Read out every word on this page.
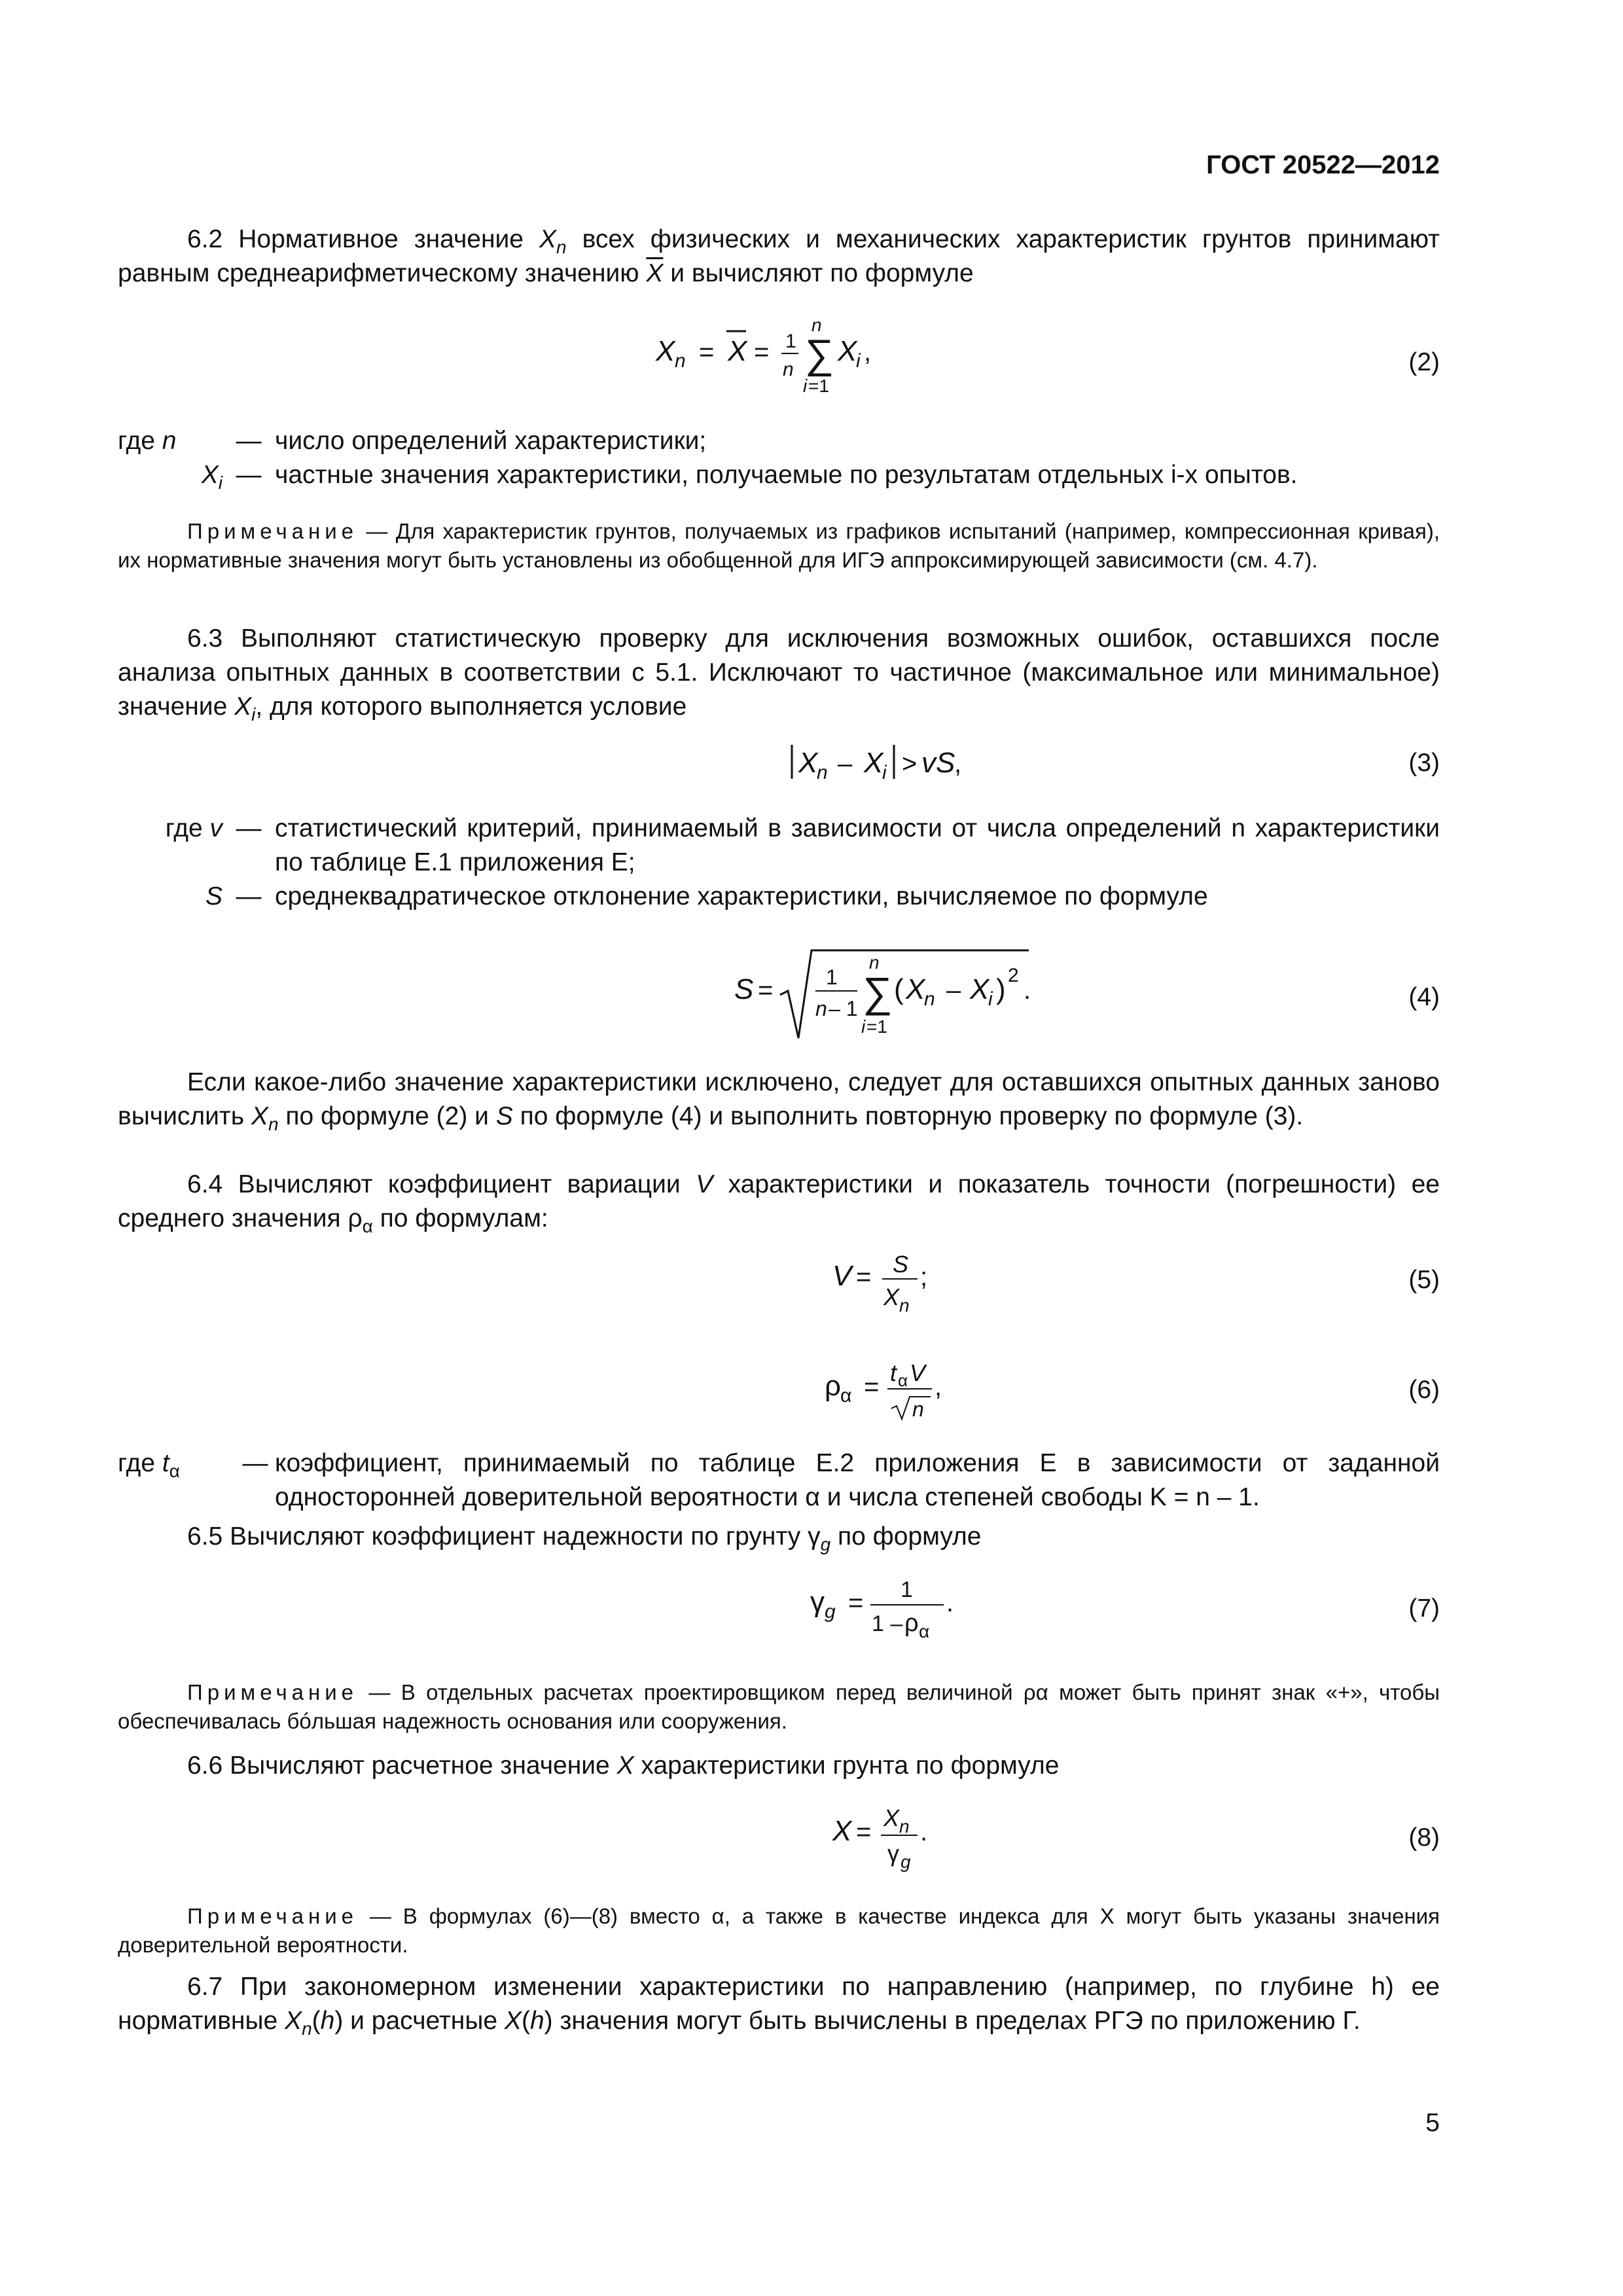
ГОСТ 20522—2012
6.2 Нормативное значение $X_n$ всех физических и механических характеристик грунтов принимают равным среднеарифметическому значению $\overline{X}$ и вычисляют по формуле
X n = X = 1
n ∑
n
i =1
X
i ,	(2)
где n	— число определений характеристики;
$X_i$ — частные значения характеристики, получаемые по результатам отдельных i-х опытов.
Примечание — Для характеристик грунтов, получаемых из графиков испытаний (например, компрессионная кривая), их нормативные значения могут быть установлены из обобщенной для ИГЭ аппроксимирующей зависимости (см. 4.7).
6.3 Выполняют статистическую проверку для исключения возможных ошибок, оставшихся после анализа опытных данных в соответствии с 5.1. Исключают то частичное (максимальное или минимальное) значение $X_i$, для которого выполняется условие
X
n – X
i > vS
,	(3)
где v — статистический критерий, принимаемый в зависимости от числа определений n характеристики по таблице Е.1 приложения Е;
S — среднеквадратическое отклонение характеристики, вычисляемое по формуле
S =	1
n – 1 ∑
n
i =1
( X
n – X
i ) 2
.	(4)
Если какое-либо значение характеристики исключено, следует для оставшихся опытных данных заново вычислить $X_n$ по формуле (2) и S по формуле (4) и выполнить повторную проверку по формуле (3).
6.4 Вычисляют коэффициент вариации V характеристики и показатель точности (погрешности) ее среднего значения $\rho_\alpha$ по формулам:
V = S
X n
;	(5)
ρ
α = t α V
n
,	(6)
где $t_\alpha$	— коэффициент, принимаемый по таблице Е.2 приложения Е в зависимости от заданной односторонней доверительной вероятности α и числа степеней свободы K = n – 1.
6.5 Вычисляют коэффициент надежности по грунту $\gamma_g$ по формуле
γ g = 1
1 – ρ α
.	(7)
Примечание — В отдельных расчетах проектировщиком перед величиной ρα может быть принят знак «+», чтобы обеспечивалась бóльшая надежность основания или сооружения.
6.6 Вычисляют расчетное значение X характеристики грунта по формуле
X = X n
γ g
.	(8)
Примечание — В формулах (6)—(8) вместо α, а также в качестве индекса для X могут быть указаны значения доверительной вероятности.
6.7 При закономерном изменении характеристики по направлению (например, по глубине h) ее нормативные $X_n(h)$ и расчетные X(h) значения могут быть вычислены в пределах РГЭ по приложению Г.
5
